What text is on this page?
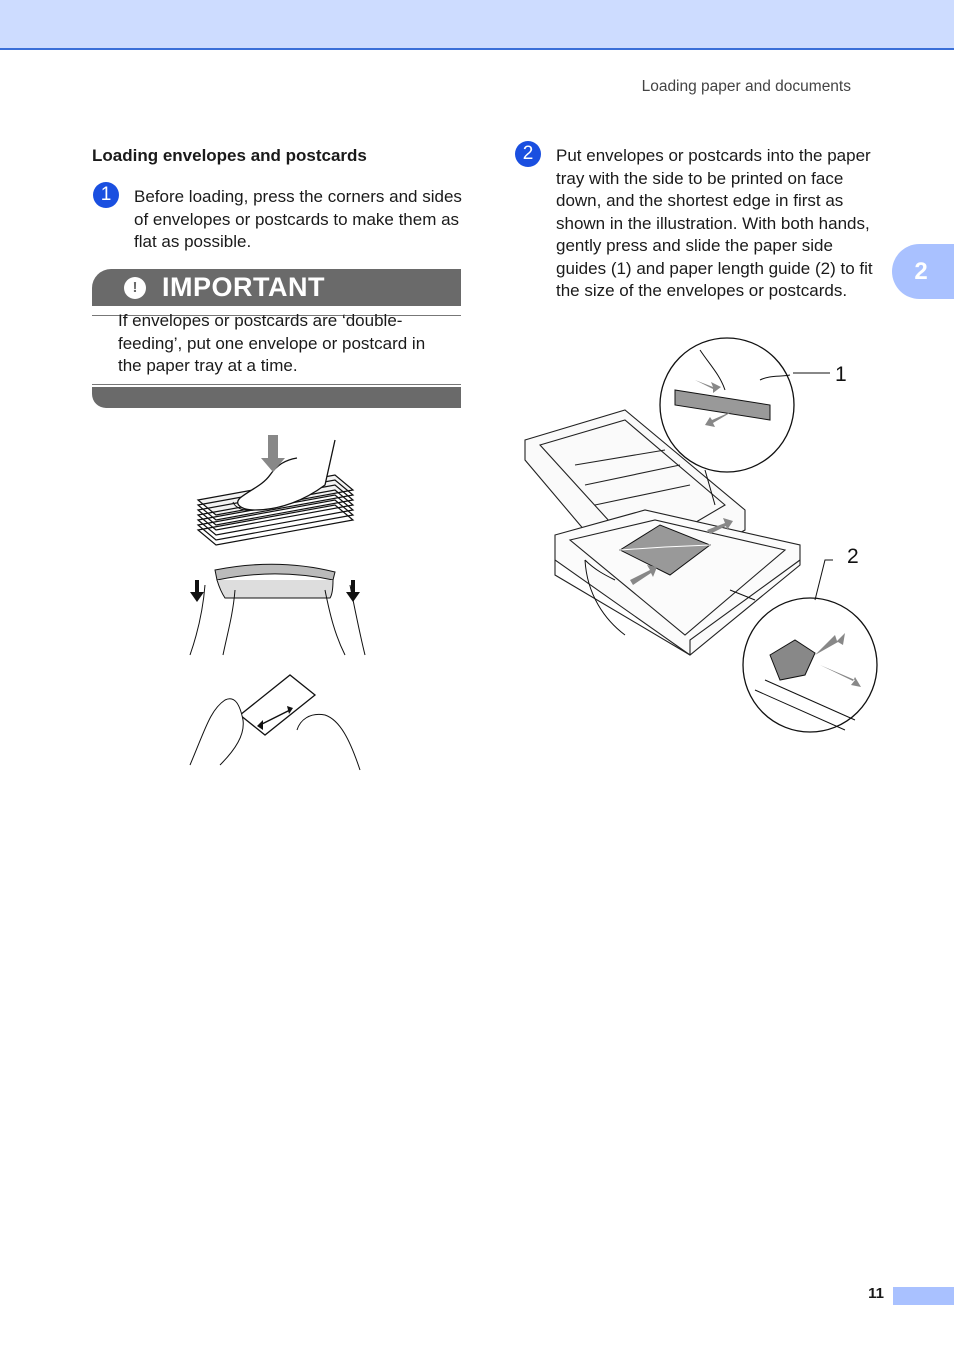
Loading paper and documents
2
Loading envelopes and postcards
1	Before loading, press the corners and sides of envelopes or postcards to make them as flat as possible.
! IMPORTANT
If envelopes or postcards are ‘double-feeding’, put one envelope or postcard in the paper tray at a time.
2	Put envelopes or postcards into the paper tray with the side to be printed on face down, and the shortest edge in first as shown in the illustration. With both hands, gently press and slide the paper side guides (1) and paper length guide (2) to fit the size of the envelopes or postcards.
1
2
11
